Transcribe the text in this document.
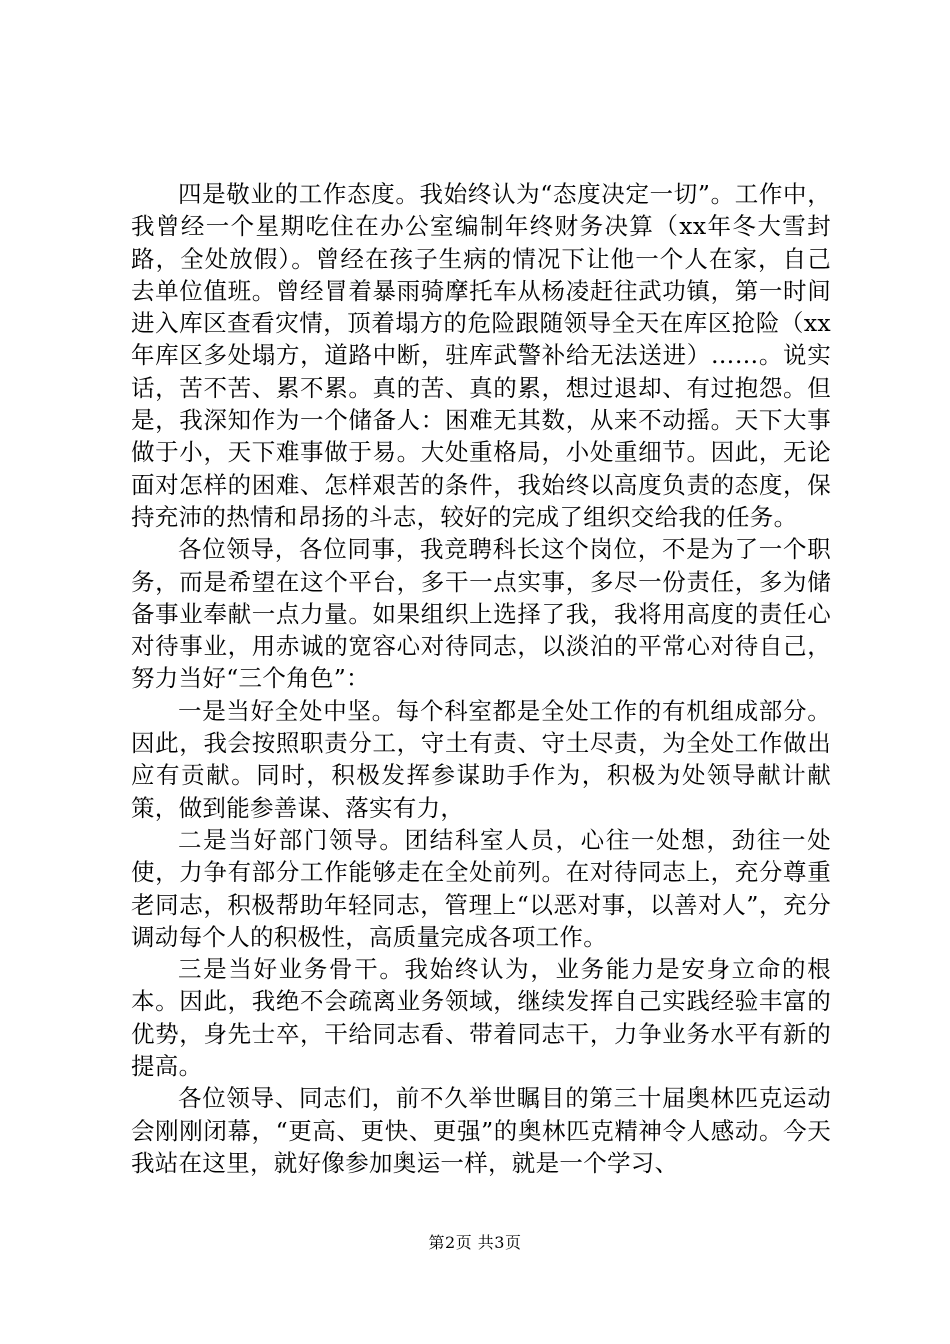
四是敬业的工作态度。我始终认为“态度决定一切”。工作中，我曾经一个星期吃住在办公室编制年终财务决算（xx年冬大雪封路，全处放假）。曾经在孩子生病的情况下让他一个人在家，自己去单位值班。曾经冒着暴雨骑摩托车从杨凌赶往武功镇，第一时间进入库区查看灾情，顶着塌方的危险跟随领导全天在库区抢险（xx年库区多处塌方，道路中断，驻库武警补给无法送进）……。说实话，苦不苦、累不累。真的苦、真的累，想过退却、有过抱怨。但是，我深知作为一个储备人：困难无其数，从来不动摇。天下大事做于小，天下难事做于易。大处重格局，小处重细节。因此，无论面对怎样的困难、怎样艰苦的条件，我始终以高度负责的态度，保持充沛的热情和昂扬的斗志，较好的完成了组织交给我的任务。

各位领导，各位同事，我竞聘科长这个岗位，不是为了一个职务，而是希望在这个平台，多干一点实事，多尽一份责任，多为储备事业奉献一点力量。如果组织上选择了我，我将用高度的责任心对待事业，用赤诚的宽容心对待同志，以淡泊的平常心对待自己，努力当好“三个角色”：

一是当好全处中坚。每个科室都是全处工作的有机组成部分。因此，我会按照职责分工，守土有责、守土尽责，为全处工作做出应有贡献。同时，积极发挥参谋助手作为，积极为处领导献计献策，做到能参善谋、落实有力，

二是当好部门领导。团结科室人员，心往一处想，劲往一处使，力争有部分工作能够走在全处前列。在对待同志上，充分尊重老同志，积极帮助年轻同志，管理上“以恶对事，以善对人”，充分调动每个人的积极性，高质量完成各项工作。

三是当好业务骨干。我始终认为，业务能力是安身立命的根本。因此，我绝不会疏离业务领域，继续发挥自己实践经验丰富的优势，身先士卒，干给同志看、带着同志干，力争业务水平有新的提高。

各位领导、同志们，前不久举世瞩目的第三十届奥林匹克运动会刚刚闭幕，“更高、更快、更强”的奥林匹克精神令人感动。今天我站在这里，就好像参加奥运一样，就是一个学习、

第2页 共3页
